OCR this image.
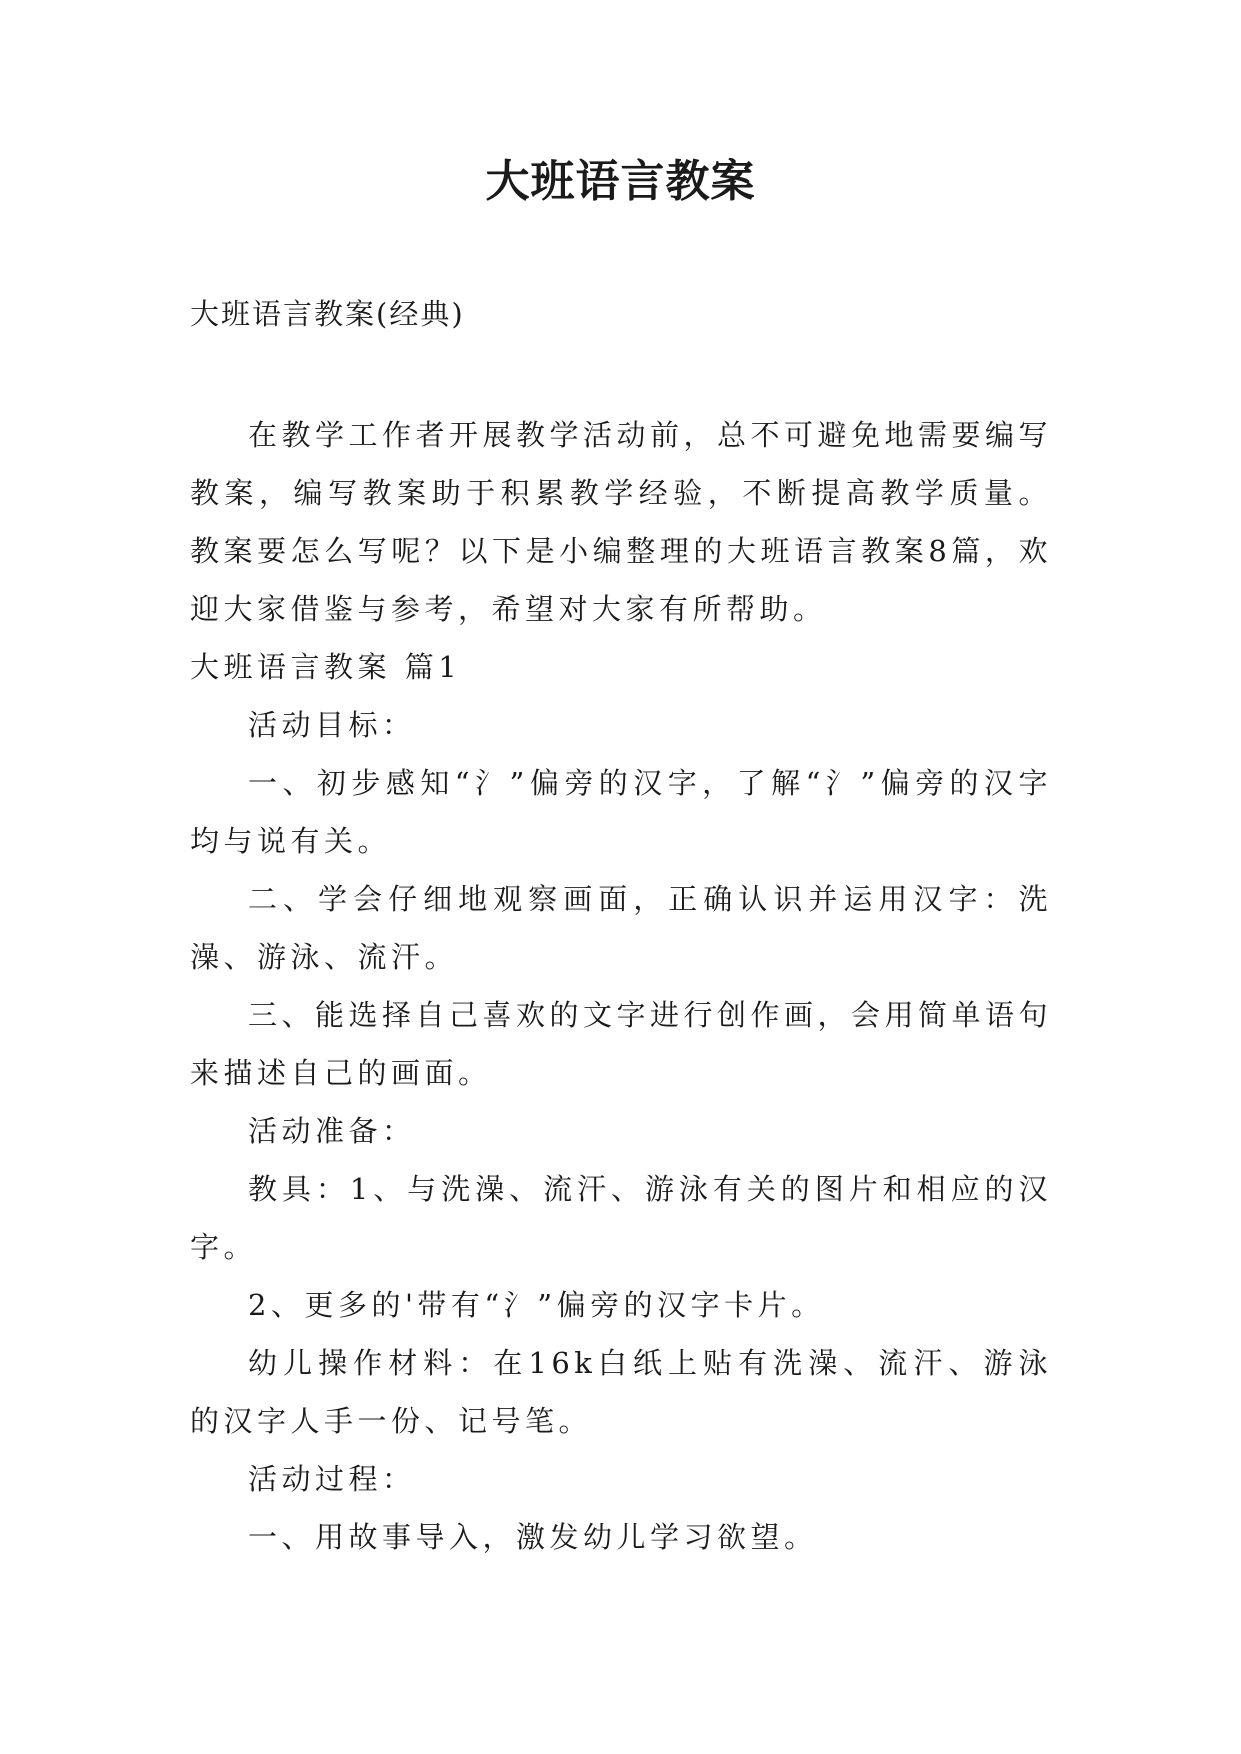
大班语言教案

大班语言教案(经典)

在教学工作者开展教学活动前，总不可避免地需要编写教案，编写教案助于积累教学经验，不断提高教学质量。教案要怎么写呢？以下是小编整理的大班语言教案8篇，欢迎大家借鉴与参考，希望对大家有所帮助。

大班语言教案 篇1

活动目标：

一、初步感知“氵”偏旁的汉字，了解“氵”偏旁的汉字均与说有关。

二、学会仔细地观察画面，正确认识并运用汉字：洗澡、游泳、流汗。

三、能选择自己喜欢的文字进行创作画，会用简单语句来描述自己的画面。

活动准备：

教具：1、与洗澡、流汗、游泳有关的图片和相应的汉字。

2、更多的'带有“氵”偏旁的汉字卡片。

幼儿操作材料：在16k白纸上贴有洗澡、流汗、游泳的汉字人手一份、记号笔。

活动过程：

一、用故事导入，激发幼儿学习欲望。
